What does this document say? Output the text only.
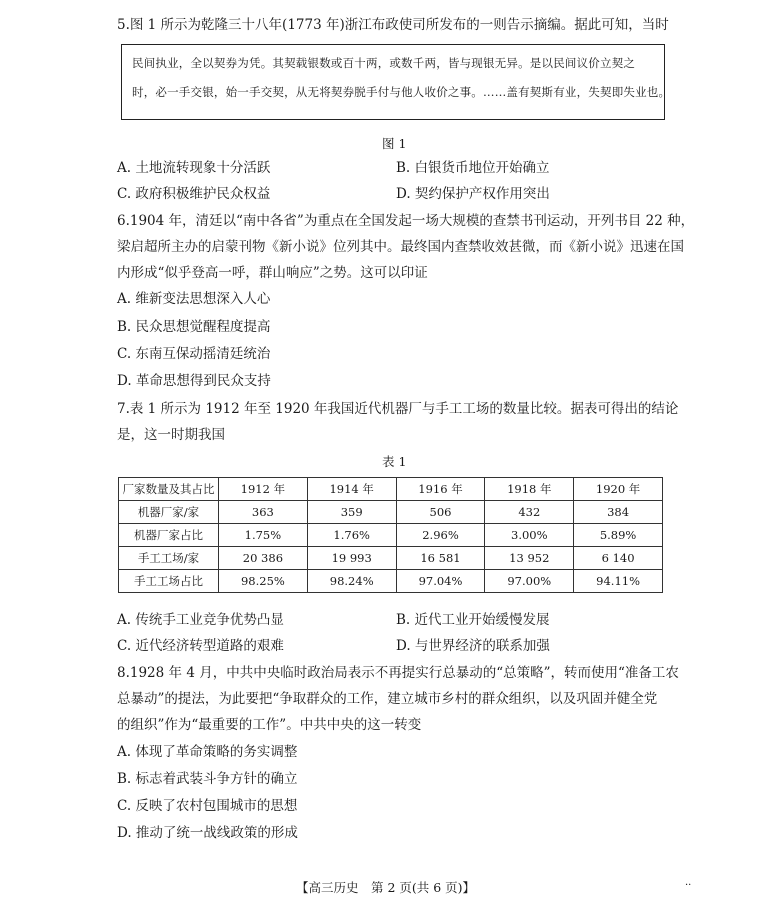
5.图 1 所示为乾隆三十八年(1773 年)浙江布政使司所发布的一则告示摘编。据此可知，当时
民间执业，全以契券为凭。其契载银数或百十两，或数千两，皆与现银无异。是以民间议价立契之
时，必一手交银，始一手交契，从无将契券脱手付与他人收价之事。……盖有契斯有业，失契即失业也。
图 1
A. 土地流转现象十分活跃	B. 白银货币地位开始确立
C. 政府积极维护民众权益	D. 契约保护产权作用突出
6.1904 年，清廷以“南中各省”为重点在全国发起一场大规模的查禁书刊运动，开列书目 22 种，
梁启超所主办的启蒙刊物《新小说》位列其中。最终国内查禁收效甚微，而《新小说》迅速在国
内形成“似乎登高一呼，群山响应”之势。这可以印证
A. 维新变法思想深入人心
B. 民众思想觉醒程度提高
C. 东南互保动摇清廷统治
D. 革命思想得到民众支持
7.表 1 所示为 1912 年至 1920 年我国近代机器厂与手工工场的数量比较。据表可得出的结论
是，这一时期我国
表 1
厂家数量及其占比	1912 年	1914 年	1916 年	1918 年	1920 年
机器厂家/家	363	359	506	432	384
机器厂家占比	1.75%	1.76%	2.96%	3.00%	5.89%
手工工场/家	20 386	19 993	16 581	13 952	6 140
手工工场占比	98.25%	98.24%	97.04%	97.00%	94.11%
A. 传统手工业竞争优势凸显	B. 近代工业开始缓慢发展
C. 近代经济转型道路的艰难	D. 与世界经济的联系加强
8.1928 年 4 月，中共中央临时政治局表示不再提实行总暴动的“总策略”，转而使用“准备工农
总暴动”的提法，为此要把“争取群众的工作，建立城市乡村的群众组织，以及巩固并健全党
的组织”作为“最重要的工作”。中共中央的这一转变
A. 体现了革命策略的务实调整
B. 标志着武装斗争方针的确立
C. 反映了农村包围城市的思想
D. 推动了统一战线政策的形成
【高三历史　第 2 页(共 6 页)】	··
